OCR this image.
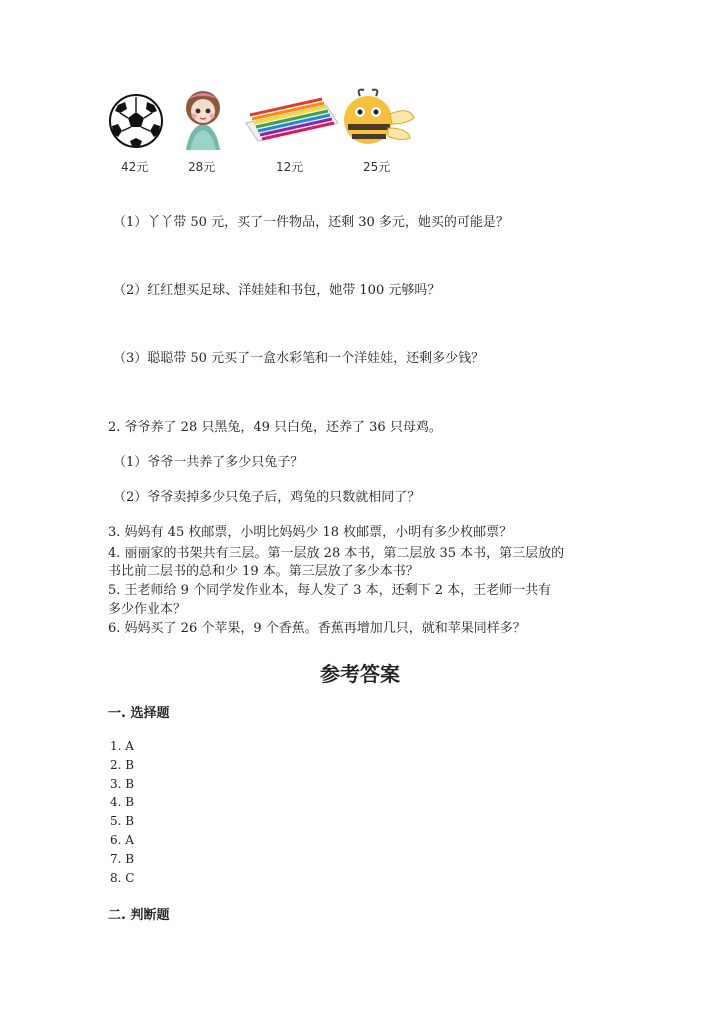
42元	28元	12元	25元
（1）丫丫带 50 元，买了一件物品，还剩 30 多元，她买的可能是？
（2）红红想买足球、洋娃娃和书包，她带 100 元够吗？
（3）聪聪带 50 元买了一盒水彩笔和一个洋娃娃，还剩多少钱？
2. 爷爷养了 28 只黑兔，49 只白兔，还养了 36 只母鸡。
（1）爷爷一共养了多少只兔子？
（2）爷爷卖掉多少只兔子后，鸡兔的只数就相同了？
3. 妈妈有 45 枚邮票，小明比妈妈少 18 枚邮票，小明有多少枚邮票？
4. 丽丽家的书架共有三层。第一层放 28 本书，第二层放 35 本书，第三层放的
书比前二层书的总和少 19 本。第三层放了多少本书？
5. 王老师给 9 个同学发作业本，每人发了 3 本，还剩下 2 本，王老师一共有
多少作业本？
6. 妈妈买了 26 个苹果，9 个香蕉。香蕉再增加几只，就和苹果同样多？
参考答案
一. 选择题
1. A
2. B
3. B
4. B
5. B
6. A
7. B
8. C
二. 判断题
